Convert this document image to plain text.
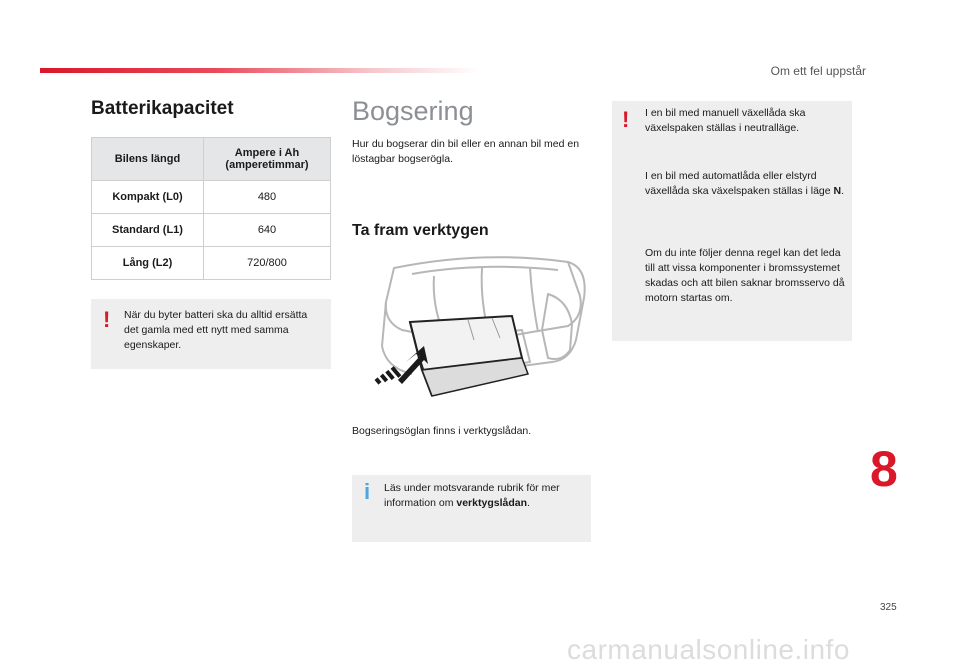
Om ett fel uppstår
Batterikapacitet
Bilens längd	Ampere i Ah (amperetimmar)
Kompakt (L0)	480
Standard (L1)	640
Lång (L2)	720/800
! När du byter batteri ska du alltid ersätta det gamla med ett nytt med samma egenskaper.
Bogsering
Hur du bogserar din bil eller en annan bil med en löstagbar bogserögla.
Ta fram verktygen
Bogseringsöglan finns i verktygslådan.
i Läs under motsvarande rubrik för mer information om verktygslådan.
! I en bil med manuell växellåda ska växelspaken ställas i neutralläge.
I en bil med automatlåda eller elstyrd växellåda ska växelspaken ställas i läge N.
Om du inte följer denna regel kan det leda till att vissa komponenter i bromssystemet skadas och att bilen saknar bromsservo då motorn startas om.
8
325
carmanualsonline.info
